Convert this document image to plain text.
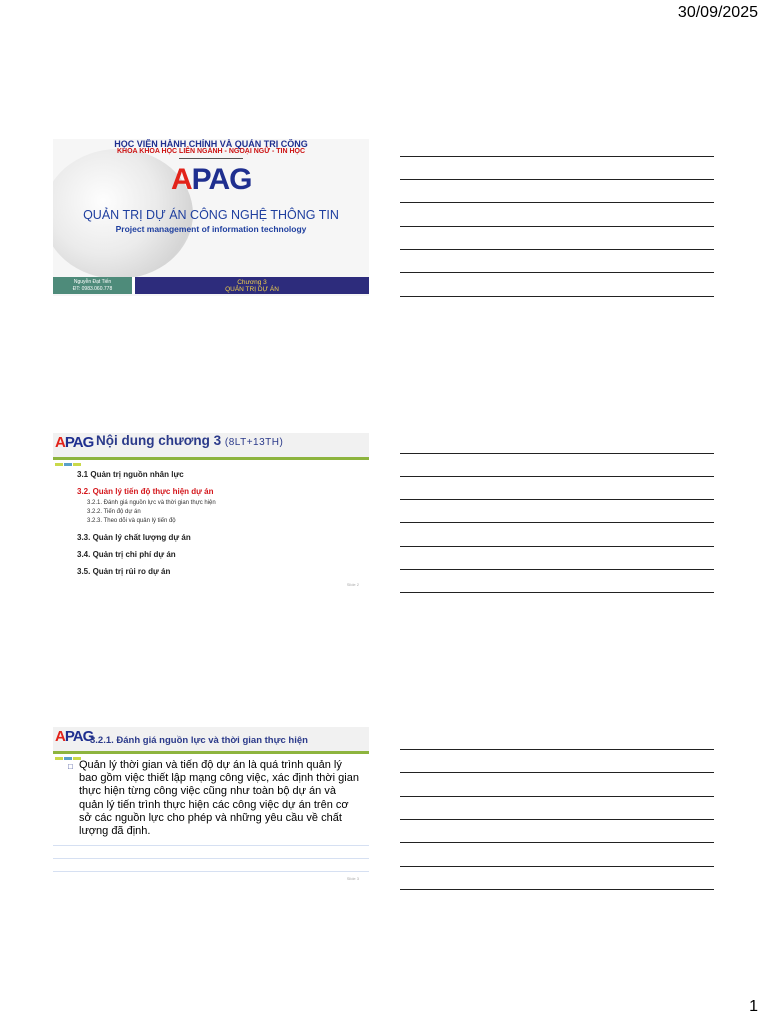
30/09/2025
HỌC VIỆN HÀNH CHÍNH VÀ QUẢN TRỊ CÔNG
KHOA KHOA HỌC LIÊN NGÀNH - NGOẠI NGỮ - TIN HỌC
APAG
QUẢN TRỊ DỰ ÁN CÔNG NGHỆ THÔNG TIN
Project management of information technology
Nguyễn Đạt Tiến
ĐT: 0983.060.778
Chương 3
QUẢN TRỊ DỰ ÁN
APAG Nội dung chương 3 (8LT+13TH)
3.1 Quản trị nguồn nhân lực
3.2. Quản lý tiến độ thực hiện dự án
3.2.1. Đánh giá nguồn lực và thời gian thực hiện
3.2.2. Tiến độ dự án
3.2.3. Theo dõi và quản lý tiến độ
3.3. Quản lý chất lượng dự án
3.4. Quản trị chi phí dự án
3.5. Quản trị rủi ro dự án
Slide 2
APAG
3.2.1. Đánh giá nguồn lực và thời gian thực hiện
□ Quản lý thời gian và tiến độ dự án là quá trình quản lý bao gồm việc thiết lập mạng công việc, xác định thời gian thực hiện từng công việc cũng như toàn bộ dự án và quản lý tiến trình thực hiện các công việc dự án trên cơ sở các nguồn lực cho phép và những yêu cầu về chất lượng đã định.
Slide 3
1
